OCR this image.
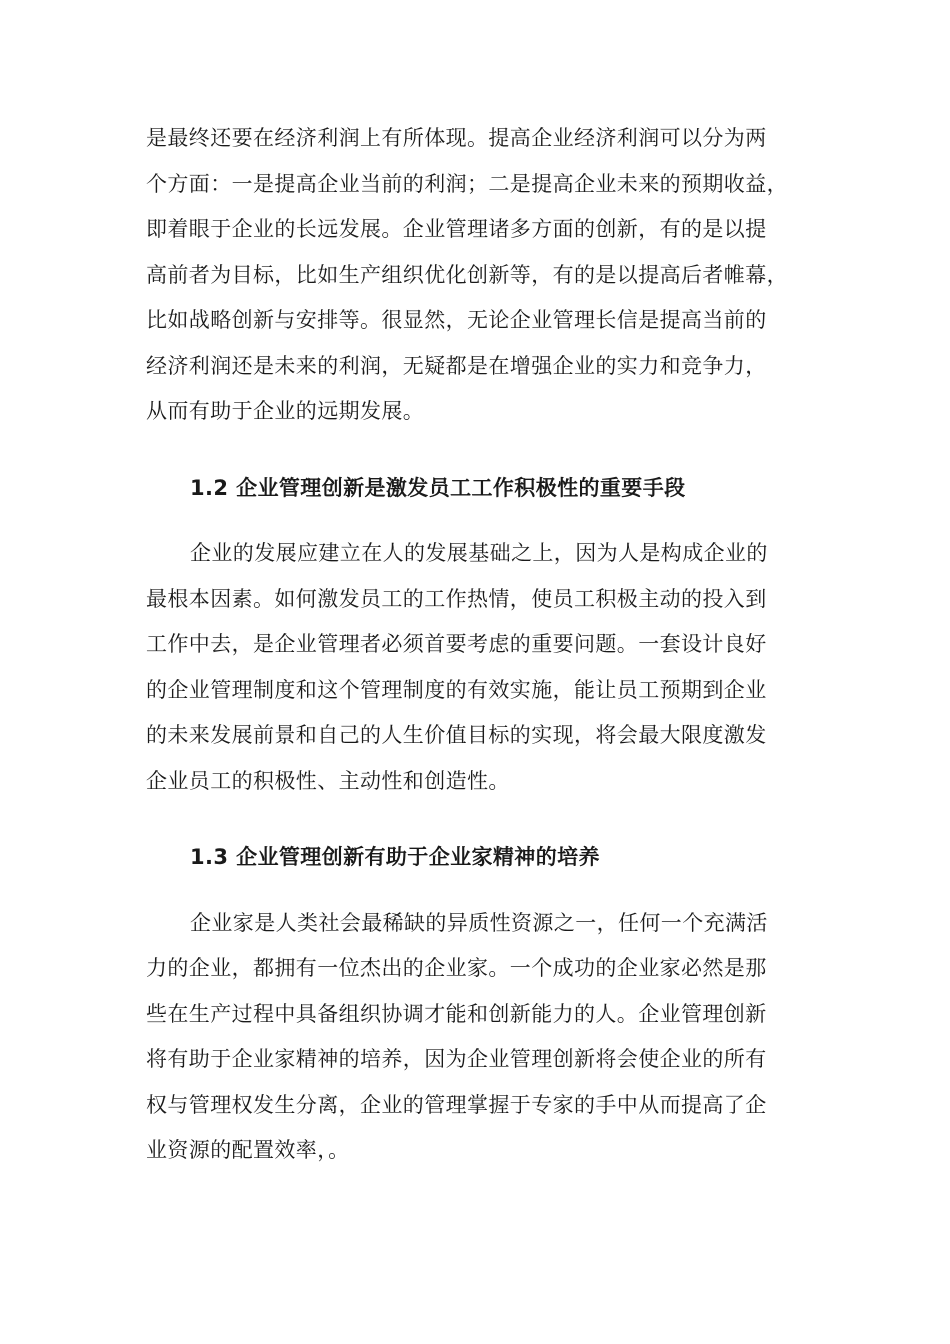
是最终还要在经济利润上有所体现。提高企业经济利润可以分为两
个方面：一是提高企业当前的利润；二是提高企业未来的预期收益，
即着眼于企业的长远发展。企业管理诸多方面的创新，有的是以提
高前者为目标，比如生产组织优化创新等，有的是以提高后者帷幕，
比如战略创新与安排等。很显然，无论企业管理长信是提高当前的
经济利润还是未来的利润，无疑都是在增强企业的实力和竞争力，
从而有助于企业的远期发展。

1.2 企业管理创新是激发员工工作积极性的重要手段

企业的发展应建立在人的发展基础之上，因为人是构成企业的
最根本因素。如何激发员工的工作热情，使员工积极主动的投入到
工作中去，是企业管理者必须首要考虑的重要问题。一套设计良好
的企业管理制度和这个管理制度的有效实施，能让员工预期到企业
的未来发展前景和自己的人生价值目标的实现，将会最大限度激发
企业员工的积极性、主动性和创造性。

1.3 企业管理创新有助于企业家精神的培养

企业家是人类社会最稀缺的异质性资源之一，任何一个充满活
力的企业，都拥有一位杰出的企业家。一个成功的企业家必然是那
些在生产过程中具备组织协调才能和创新能力的人。企业管理创新
将有助于企业家精神的培养，因为企业管理创新将会使企业的所有
权与管理权发生分离，企业的管理掌握于专家的手中从而提高了企
业资源的配置效率，。
